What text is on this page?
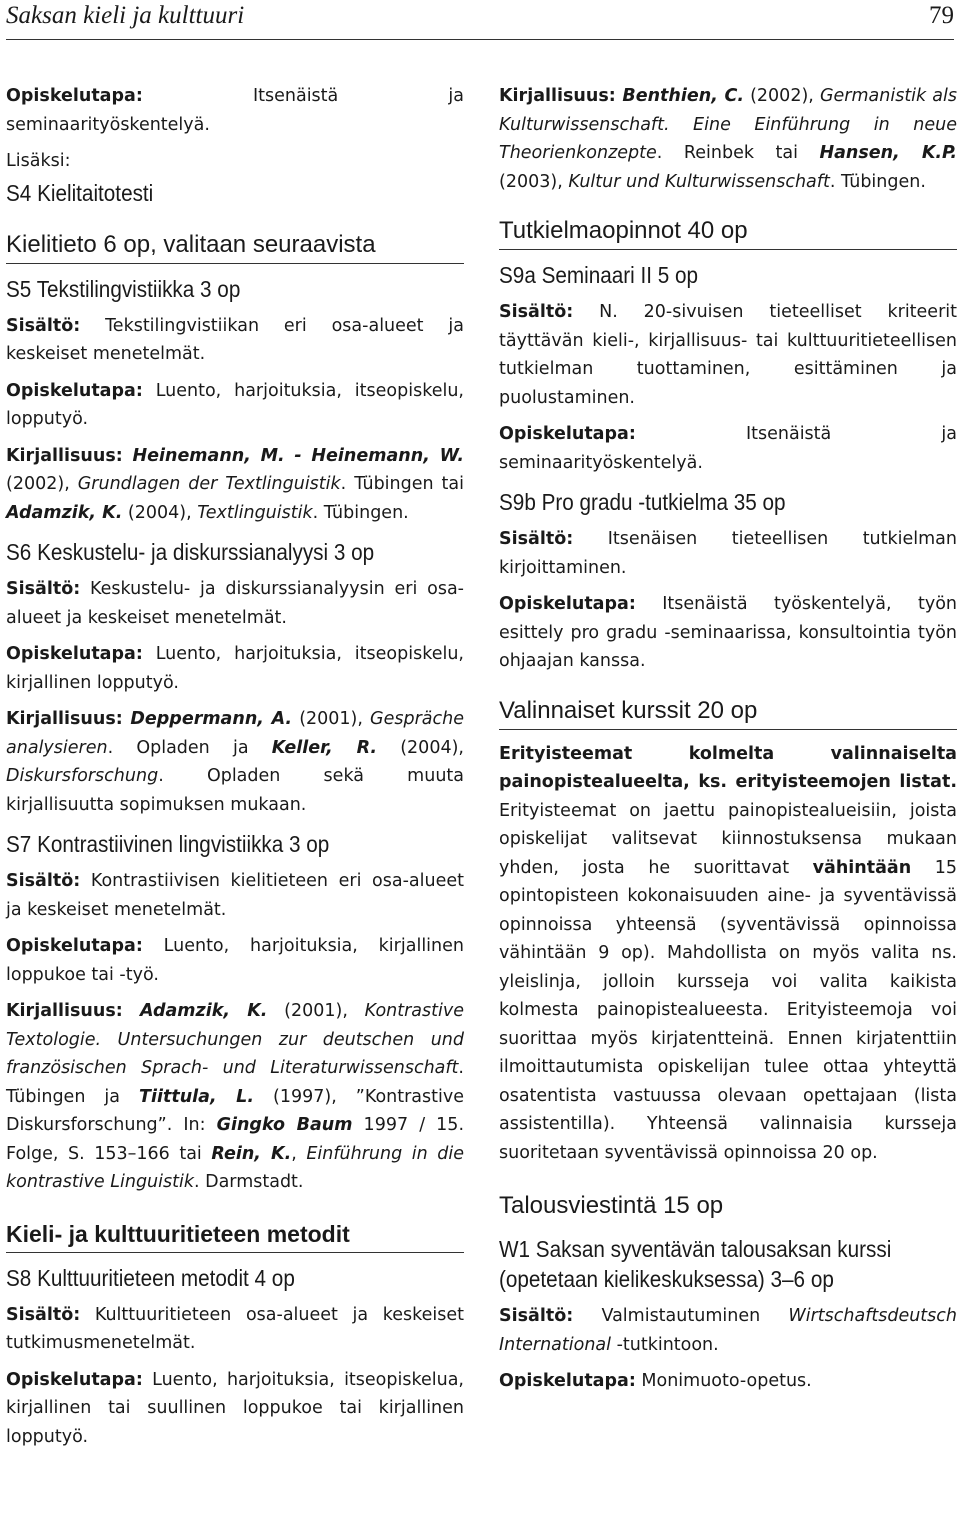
Saksan kieli ja kulttuuri	79

Opiskelutapa: Itsenäistä ja seminaarityöskentelyä.

Lisäksi:

S4 Kielitaitotesti
Kielitieto 6 op, valitaan seuraavista
S5 Tekstilingvistiikka 3 op

Sisältö: Tekstilingvistiikan eri osa-alueet ja keskeiset menetelmät.

Opiskelutapa: Luento, harjoituksia, itseopiskelu, lopputyö.

Kirjallisuus: Heinemann, M. - Heinemann, W. (2002), Grundlagen der Textlinguistik. Tübingen tai Adamzik, K. (2004), Textlinguistik. Tübingen.

S6 Keskustelu- ja diskurssianalyysi 3 op

Sisältö: Keskustelu- ja diskurssianalyysin eri osa-alueet ja keskeiset menetelmät.

Opiskelutapa: Luento, harjoituksia, itseopiskelu, kirjallinen lopputyö.

Kirjallisuus: Deppermann, A. (2001), Gespräche analysieren. Opladen ja Keller, R. (2004), Diskursforschung. Opladen sekä muuta kirjallisuutta sopimuksen mukaan.

S7 Kontrastiivinen lingvistiikka 3 op

Sisältö: Kontrastiivisen kielitieteen eri osa-alueet ja keskeiset menetelmät.

Opiskelutapa: Luento, harjoituksia, kirjallinen loppukoe tai -työ.

Kirjallisuus: Adamzik, K. (2001), Kontrastive Textologie. Untersuchungen zur deutschen und französischen Sprach- und Literaturwissenschaft. Tübingen ja Tiittula, L. (1997), ”Kontrastive Diskursforschung”. In: Gingko Baum 1997 / 15. Folge, S. 153–166 tai Rein, K., Einführung in die kontrastive Linguistik. Darmstadt.

Kieli- ja kulttuuritieteen metodit
S8 Kulttuuritieteen metodit 4 op

Sisältö: Kulttuuritieteen osa-alueet ja keskeiset tutkimusmenetelmät.

Opiskelutapa: Luento, harjoituksia, itseopiskelua, kirjallinen tai suullinen loppukoe tai kirjallinen lopputyö.

Kirjallisuus: Benthien, C. (2002), Germanistik als Kulturwissenschaft. Eine Einführung in neue Theorienkonzepte. Reinbek tai Hansen, K.P. (2003), Kultur und Kulturwissenschaft. Tübingen.

Tutkielmaopinnot 40 op
S9a Seminaari II 5 op

Sisältö: N. 20-sivuisen tieteelliset kriteerit täyttävän kieli-, kirjallisuus- tai kulttuuritieteellisen tutkielman tuottaminen, esittäminen ja puolustaminen.

Opiskelutapa: Itsenäistä ja seminaarityöskentelyä.

S9b Pro gradu -tutkielma 35 op

Sisältö: Itsenäisen tieteellisen tutkielman kirjoittaminen.

Opiskelutapa: Itsenäistä työskentelyä, työn esittely pro gradu -seminaarissa, konsultointia työn ohjaajan kanssa.

Valinnaiset kurssit 20 op

Erityisteemat kolmelta valinnaiselta painopistealueelta, ks. erityisteemojen listat. Erityisteemat on jaettu painopistealueisiin, joista opiskelijat valitsevat kiinnostuksensa mukaan yhden, josta he suorittavat vähintään 15 opintopisteen kokonaisuuden aine- ja syventävissä opinnoissa yhteensä (syventävissä opinnoissa vähintään 9 op). Mahdollista on myös valita ns. yleislinja, jolloin kursseja voi valita kaikista kolmesta painopistealueesta. Erityisteemoja voi suorittaa myös kirjatentteinä. Ennen kirjatenttiin ilmoittautumista opiskelijan tulee ottaa yhteyttä osatentista vastuussa olevaan opettajaan (lista assistentilla). Yhteensä valinnaisia kursseja suoritetaan syventävissä opinnoissa 20 op.

Talousviestintä 15 op
W1 Saksan syventävän talousaksan kurssi (opetetaan kielikeskuksessa) 3–6 op

Sisältö: Valmistautuminen Wirtschaftsdeutsch International -tutkintoon.

Opiskelutapa: Monimuoto-opetus.
